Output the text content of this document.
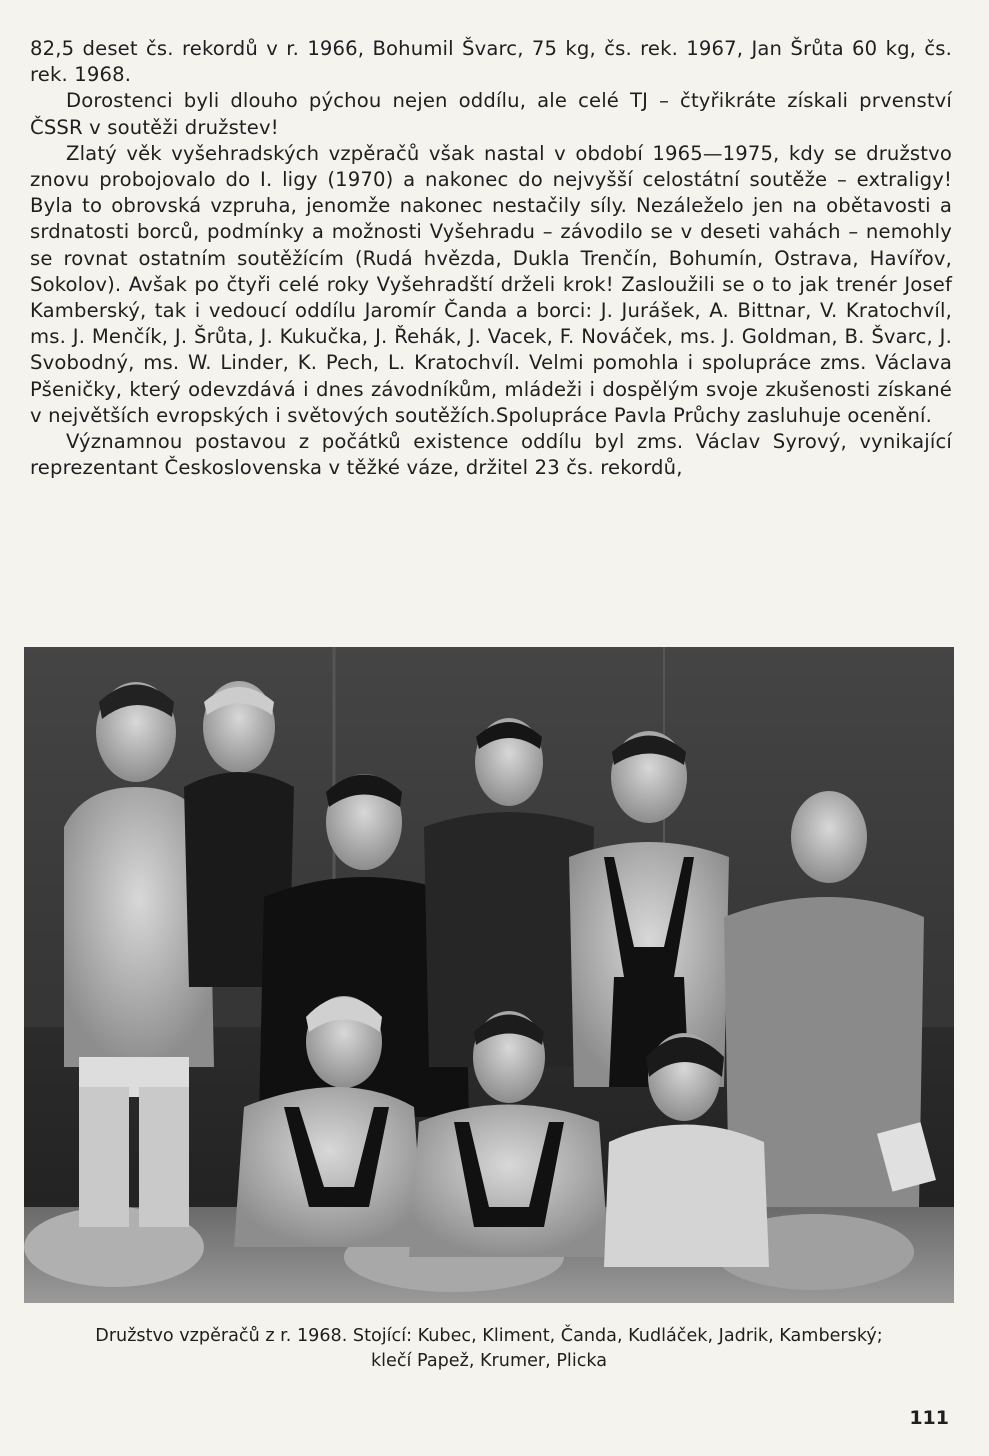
82,5 deset čs. rekordů v r. 1966, Bohumil Švarc, 75 kg, čs. rek. 1967, Jan Šrůta 60 kg, čs. rek. 1968.

Dorostenci byli dlouho pýchou nejen oddílu, ale celé TJ – čtyřikráte získali prvenství ČSSR v soutěži družstev!

Zlatý věk vyšehradských vzpěračů však nastal v období 1965—1975, kdy se družstvo znovu probojovalo do I. ligy (1970) a nakonec do nejvyšší celostátní soutěže – extraligy! Byla to obrovská vzpruha, jenomže nakonec nestačily síly. Nezáleželo jen na obětavosti a srdnatosti borců, podmínky a možnosti Vyšehradu – závodilo se v deseti vahách – nemohly se rovnat ostatním soutěžícím (Rudá hvězda, Dukla Trenčín, Bohumín, Ostrava, Havířov, Sokolov). Avšak po čtyři celé roky Vyšehradští drželi krok! Zasloužili se o to jak trenér Josef Kamberský, tak i vedoucí oddílu Jaromír Čanda a borci: J. Jurášek, A. Bittnar, V. Kratochvíl, ms. J. Menčík, J. Šrůta, J. Kukučka, J. Řehák, J. Vacek, F. Nováček, ms. J. Goldman, B. Švarc, J. Svobodný, ms. W. Linder, K. Pech, L. Kratochvíl. Velmi pomohla i spolupráce zms. Václava Pšeničky, který odevzdává i dnes závodníkům, mládeži i dospělým svoje zkušenosti získané v největších evropských i světových soutěžích.Spolupráce Pavla Průchy zasluhuje ocenění.

Významnou postavou z počátků existence oddílu byl zms. Václav Syrový, vynikající reprezentant Československa v těžké váze, držitel 23 čs. rekordů,

Družstvo vzpěračů z r. 1968. Stojící: Kubec, Kliment, Čanda, Kudláček, Jadrik, Kamberský;
klečí Papež, Krumer, Plicka
111
